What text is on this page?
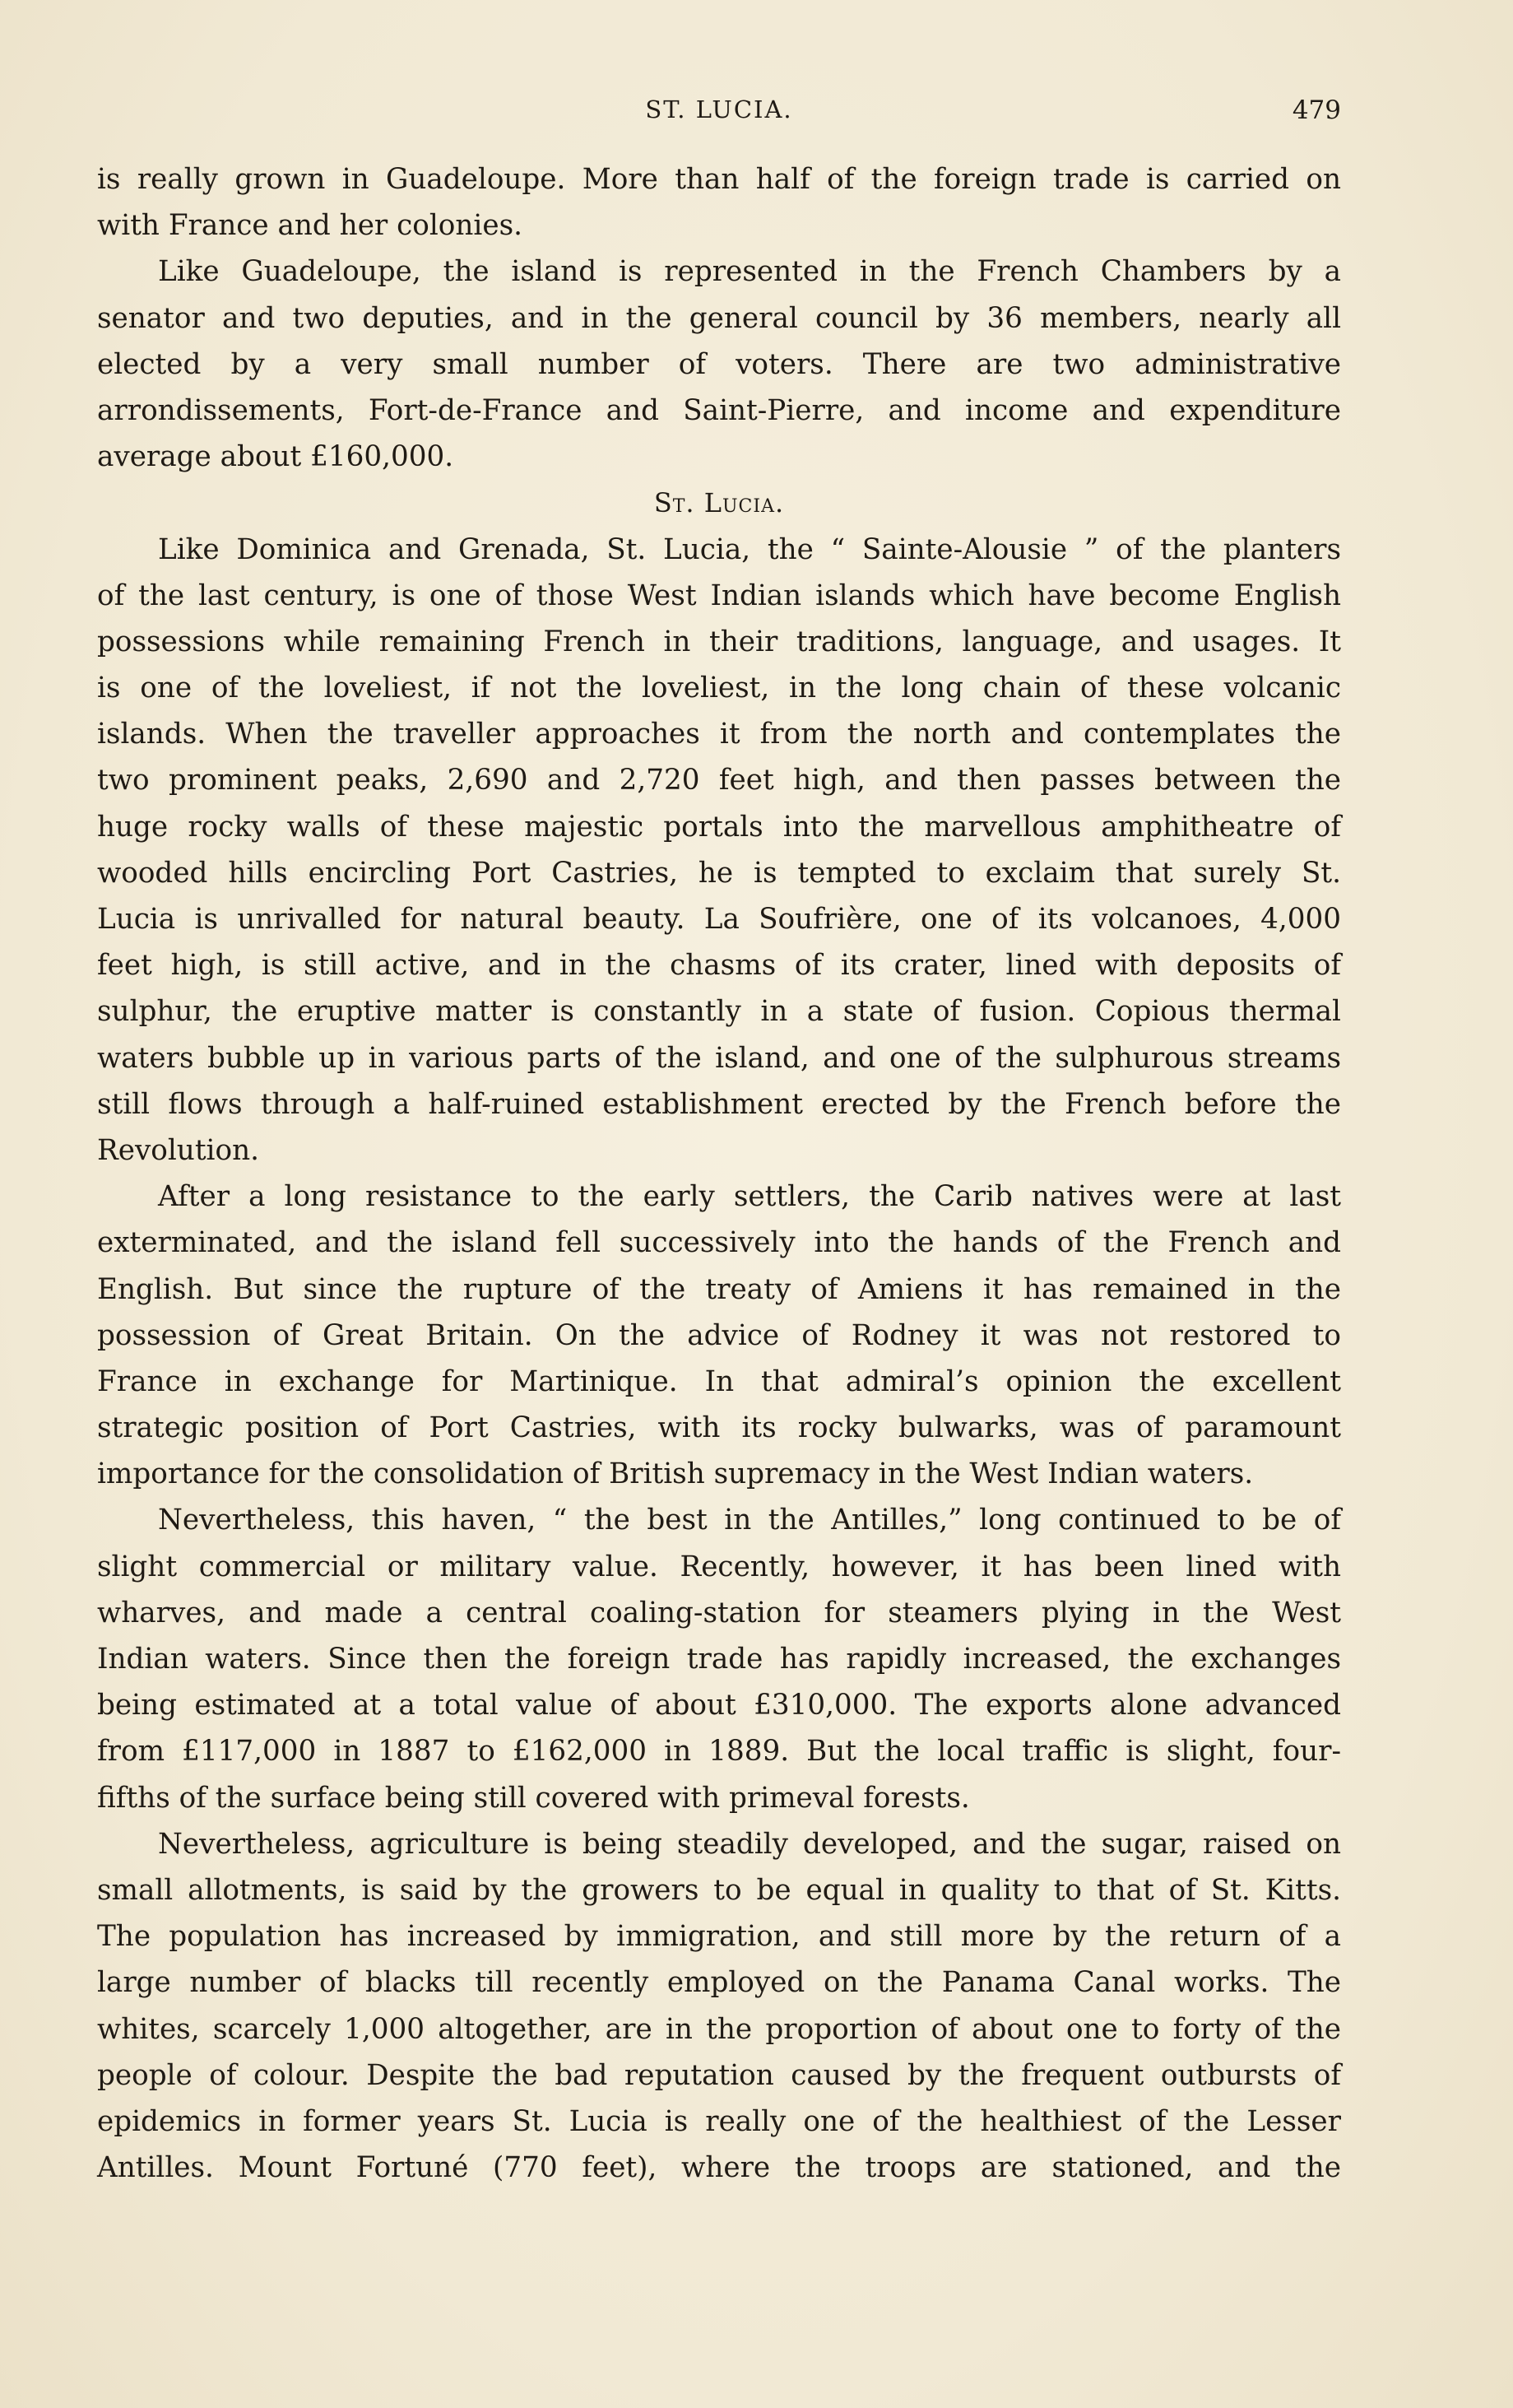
ST. LUCIA.	479
is really grown in Guadeloupe. More than half of the foreign trade is carried on
with France and her colonies.
Like Guadeloupe, the island is represented in the French Chambers by a
senator and two deputies, and in the general council by 36 members, nearly all
elected by a very small number of voters. There are two administrative
arrondissements, Fort-de-France and Saint-Pierre, and income and expenditure
average about £160,000.
St. Lucia.
Like Dominica and Grenada, St. Lucia, the “ Sainte-Alousie ” of the planters
of the last century, is one of those West Indian islands which have become English
possessions while remaining French in their traditions, language, and usages. It
is one of the loveliest, if not the loveliest, in the long chain of these volcanic
islands. When the traveller approaches it from the north and contemplates the
two prominent peaks, 2,690 and 2,720 feet high, and then passes between the
huge rocky walls of these majestic portals into the marvellous amphitheatre of
wooded hills encircling Port Castries, he is tempted to exclaim that surely St.
Lucia is unrivalled for natural beauty. La Soufrière, one of its volcanoes, 4,000
feet high, is still active, and in the chasms of its crater, lined with deposits of
sulphur, the eruptive matter is constantly in a state of fusion. Copious thermal
waters bubble up in various parts of the island, and one of the sulphurous streams
still flows through a half-ruined establishment erected by the French before the
Revolution.
After a long resistance to the early settlers, the Carib natives were at last
exterminated, and the island fell successively into the hands of the French and
English. But since the rupture of the treaty of Amiens it has remained in the
possession of Great Britain. On the advice of Rodney it was not restored to
France in exchange for Martinique. In that admiral’s opinion the excellent
strategic position of Port Castries, with its rocky bulwarks, was of paramount
importance for the consolidation of British supremacy in the West Indian waters.
Nevertheless, this haven, “ the best in the Antilles,” long continued to be of
slight commercial or military value. Recently, however, it has been lined with
wharves, and made a central coaling-station for steamers plying in the West
Indian waters. Since then the foreign trade has rapidly increased, the exchanges
being estimated at a total value of about £310,000. The exports alone advanced
from £117,000 in 1887 to £162,000 in 1889. But the local traffic is slight, four-
fifths of the surface being still covered with primeval forests.
Nevertheless, agriculture is being steadily developed, and the sugar, raised on
small allotments, is said by the growers to be equal in quality to that of St. Kitts.
The population has increased by immigration, and still more by the return of a
large number of blacks till recently employed on the Panama Canal works. The
whites, scarcely 1,000 altogether, are in the proportion of about one to forty of the
people of colour. Despite the bad reputation caused by the frequent outbursts of
epidemics in former years St. Lucia is really one of the healthiest of the Lesser
Antilles. Mount Fortuné (770 feet), where the troops are stationed, and the
